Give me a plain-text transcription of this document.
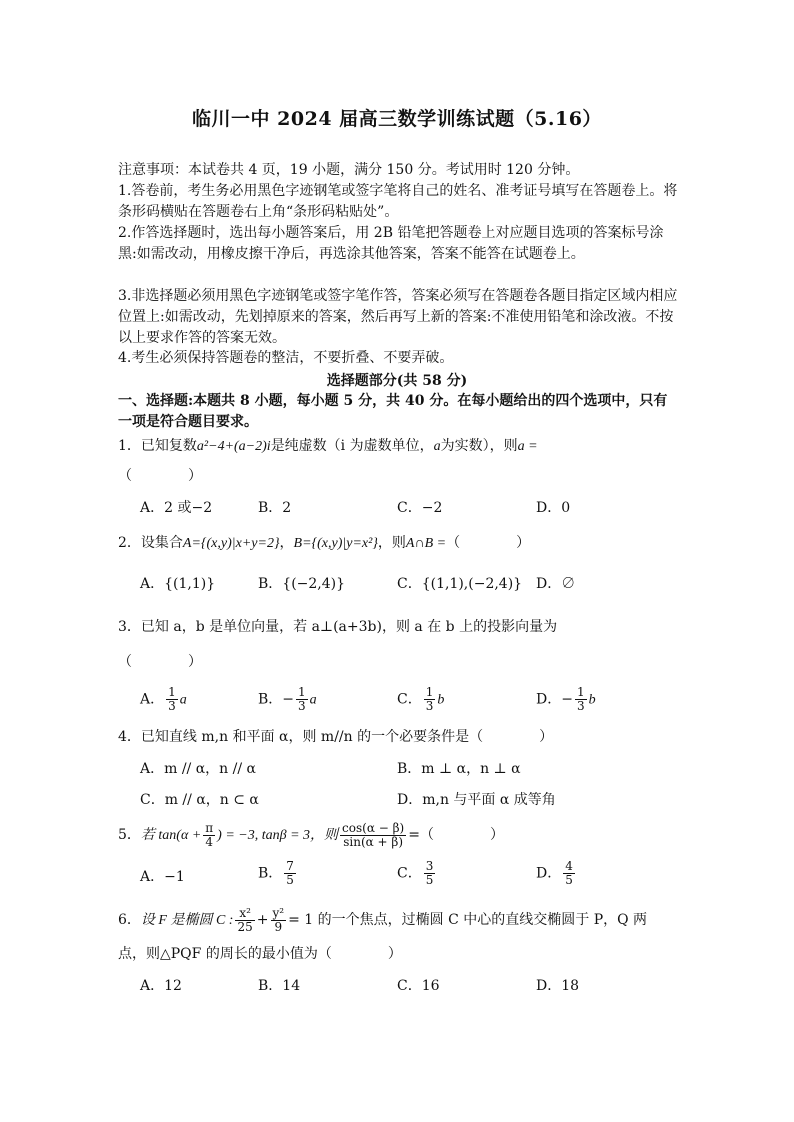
临川一中 2024 届高三数学训练试题（5.16）
注意事项：本试卷共 4 页，19 小题，满分 150 分。考试用时 120 分钟。
1.答卷前，考生务必用黑色字迹钢笔或签字笔将自己的姓名、准考证号填写在答题卷上。将条形码横贴在答题卷右上角“条形码粘贴处”。
2.作答选择题时，选出每小题答案后，用 2B 铅笔把答题卷上对应题目选项的答案标号涂黑:如需改动，用橡皮擦干净后，再选涂其他答案，答案不能答在试题卷上。
3.非选择题必须用黑色字迹钢笔或签字笔作答，答案必须写在答题卷各题目指定区域内相应位置上:如需改动，先划掉原来的答案，然后再写上新的答案:不准使用铅笔和涂改液。不按以上要求作答的答案无效。
4.考生必须保持答题卷的整洁，不要折叠、不要弄破。
选择题部分(共 58 分)
一、选择题:本题共 8 小题，每小题 5 分，共 40 分。在每小题给出的四个选项中，只有一项是符合题目要求。
1．已知复数a²−4+(a−2)i是纯虚数（i 为虚数单位，a为实数），则a =
（　　　　）
A．2 或−2	B．2	C．−2	D．0
2．设集合A={(x,y)|x+y=2}，B={(x,y)|y=x²}，则A∩B =（　　　　）
A．{(1,1)}	B．{(−2,4)}	C．{(1,1),(−2,4)} D．∅
3．已知 a，b 是单位向量，若 a⊥(a+3b)，则 a 在 b 上的投影向量为
（　　　　）
A． $\frac{1}{3}$ a	B．− $\frac{1}{3}$ a	C． $\frac{1}{3}$ b	D．− $\frac{1}{3}$ b
4．已知直线 m,n 和平面 α，则 m//n 的一个必要条件是（　　　　）
A．m // α，n // α	B．m ⊥ α，n ⊥ α
C．m // α，n ⊂ α	D．m,n 与平面 α 成等角
5．若 $\tan(\alpha + \frac{\pi}{4}$ ) = −3, tanβ = 3，则 $\frac{\cos(\alpha - \beta)}{\sin(\alpha + \beta)}$ =（　　　　）
A．−1	B． $\frac{7}{5}$	C． $\frac{3}{5}$	D． $\frac{4}{5}$
6．设 F 是椭圆 C : $\frac{\text{x²}}{25} + \frac{\text{y²}}{9} = 1$ 的一个焦点，过椭圆 C 中心的直线交椭圆于 P，Q 两
点，则△PQF 的周长的最小值为（　　　　）
A．12	B．14	C．16	D．18
